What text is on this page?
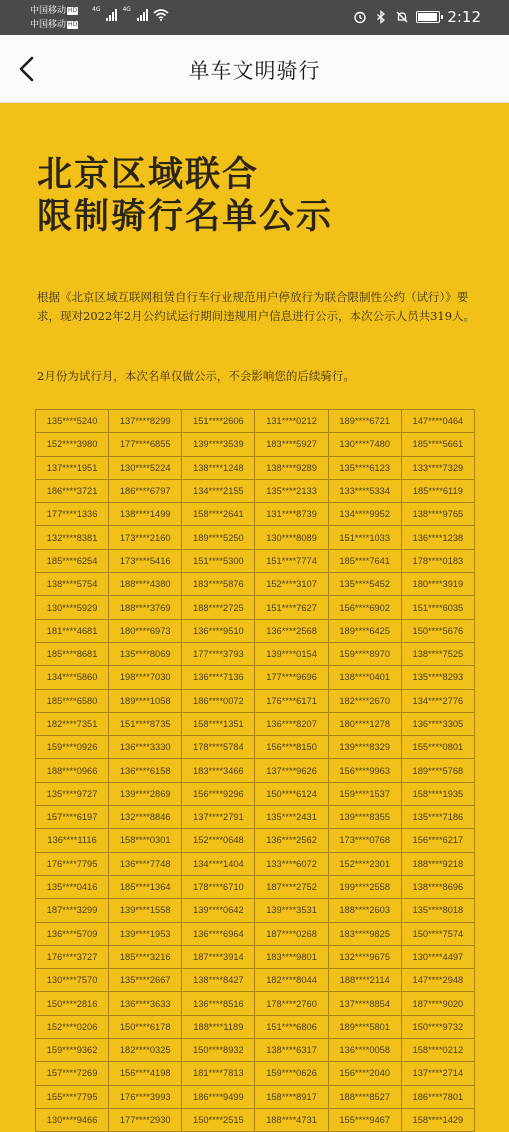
中国移动 HD
中国移动 HD
4G	4G	2:12
单车文明骑行
北京区域联合
限制骑行名单公示
根据《北京区域互联网租赁自行车行业规范用户停放行为联合限制性公约（试行）》要求，现对2022年2月公约试运行期间违规用户信息进行公示，本次公示人员共319人。
2月份为试行月，本次名单仅做公示，不会影响您的后续骑行。
135****5240	137****8299	151****2606	131****0212	189****6721	147****0464
152****3980	177****6855	139****3539	183****5927	130****7480	185****5661
137****1951	130****5224	138****1248	138****9289	135****6123	133****7329
186****3721	186****6797	134****2155	135****2133	133****5334	185****6119
177****1336	138****1499	158****2641	131****8739	134****9952	138****9765
132****8381	173****2160	189****5250	130****8089	151****1033	136****1238
185****6254	173****5416	151****5300	151****7774	185****7641	178****0183
138****5754	188****4380	183****5876	152****3107	135****5452	180****3919
130****5929	188****3769	188****2725	151****7627	156****6902	151****6035
181****4681	180****6973	136****9510	136****2568	189****6425	150****5676
185****8681	135****8069	177****3793	139****0154	159****8970	138****7525
134****5860	198****7030	136****7136	177****9696	138****0401	135****8293
185****6580	189****1058	186****0072	176****6171	182****2670	134****2776
182****7351	151****8735	158****1351	136****8207	180****1278	136****3305
159****0926	136****3330	178****5784	156****8150	139****8329	155****0801
188****0966	136****6158	183****3466	137****9626	156****9963	189****5768
135****9727	139****2869	156****9296	150****6124	159****1537	158****1935
157****6197	132****8846	137****2791	135****2431	139****8355	135****7186
136****1116	158****0301	152****0648	136****2562	173****0768	156****6217
176****7795	136****7748	134****1404	133****6072	152****2301	188****9218
135****0416	185****1364	178****6710	187****2752	199****2558	138****8696
187****3299	139****1558	139****0642	139****3531	188****2603	135****8018
136****5709	139****1953	136****6964	187****0268	183****9825	150****7574
176****3727	185****3216	187****3914	183****9801	132****9675	130****4497
130****7570	135****2667	138****8427	182****8044	188****2114	147****2948
150****2816	136****3633	136****8516	178****2760	137****8854	187****9020
152****0206	150****6178	188****1189	151****6806	189****5801	150****9732
159****9362	182****0325	150****8932	138****6317	136****0058	158****0212
157****7269	156****4198	181****7813	159****0626	156****2040	137****2714
155****7795	176****3993	186****9499	158****8917	188****8527	186****7801
130****9466	177****2930	150****2515	188****4731	155****9467	158****1429
